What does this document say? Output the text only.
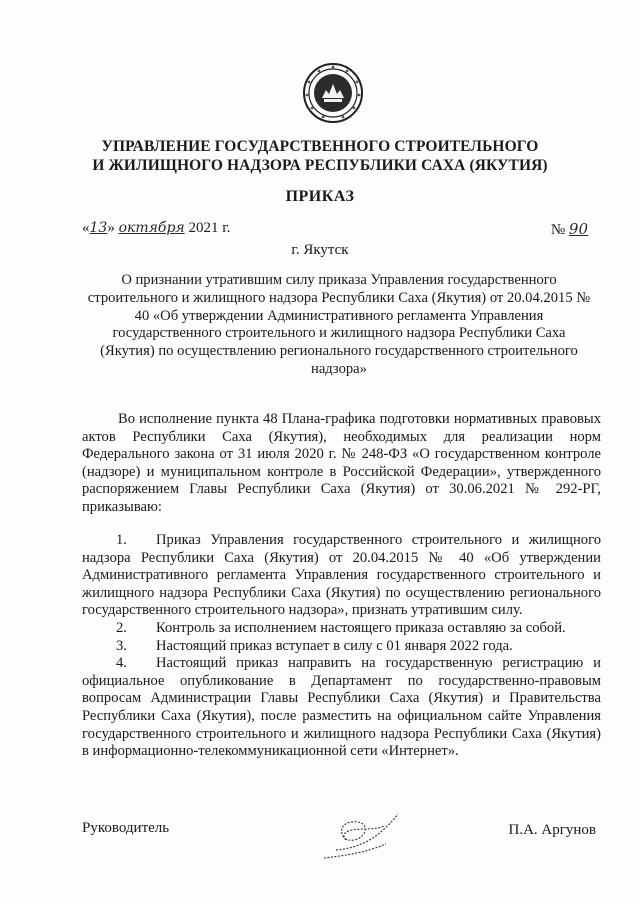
УПРАВЛЕНИЕ ГОСУДАРСТВЕННОГО СТРОИТЕЛЬНОГО
И ЖИЛИЩНОГО НАДЗОРА РЕСПУБЛИКИ САХА (ЯКУТИЯ)
ПРИКАЗ
«13» октября 2021 г.	№ 90
г. Якутск
О признании утратившим силу приказа Управления государственного строительного и жилищного надзора Республики Саха (Якутия) от 20.04.2015 № 40 «Об утверждении Административного регламента Управления государственного строительного и жилищного надзора Республики Саха (Якутия) по осуществлению регионального государственного строительного надзора»
Во исполнение пункта 48 Плана-графика подготовки нормативных правовых актов Республики Саха (Якутия), необходимых для реализации норм Федерального закона от 31 июля 2020 г. № 248-ФЗ «О государственном контроле (надзоре) и муниципальном контроле в Российской Федерации», утвержденного распоряжением Главы Республики Саха (Якутия) от 30.06.2021 № 292-РГ, приказываю:

1. Приказ Управления государственного строительного и жилищного надзора Республики Саха (Якутия) от 20.04.2015 № 40 «Об утверждении Административного регламента Управления государственного строительного и жилищного надзора Республики Саха (Якутия) по осуществлению регионального государственного строительного надзора», признать утратившим силу.

2. Контроль за исполнением настоящего приказа оставляю за собой.

3. Настоящий приказ вступает в силу с 01 января 2022 года.

4. Настоящий приказ направить на государственную регистрацию и официальное опубликование в Департамент по государственно-правовым вопросам Администрации Главы Республики Саха (Якутия) и Правительства Республики Саха (Якутия), после разместить на официальном сайте Управления государственного строительного и жилищного надзора Республики Саха (Якутия) в информационно-телекоммуникационной сети «Интернет».

Руководитель	П.А. Аргунов
